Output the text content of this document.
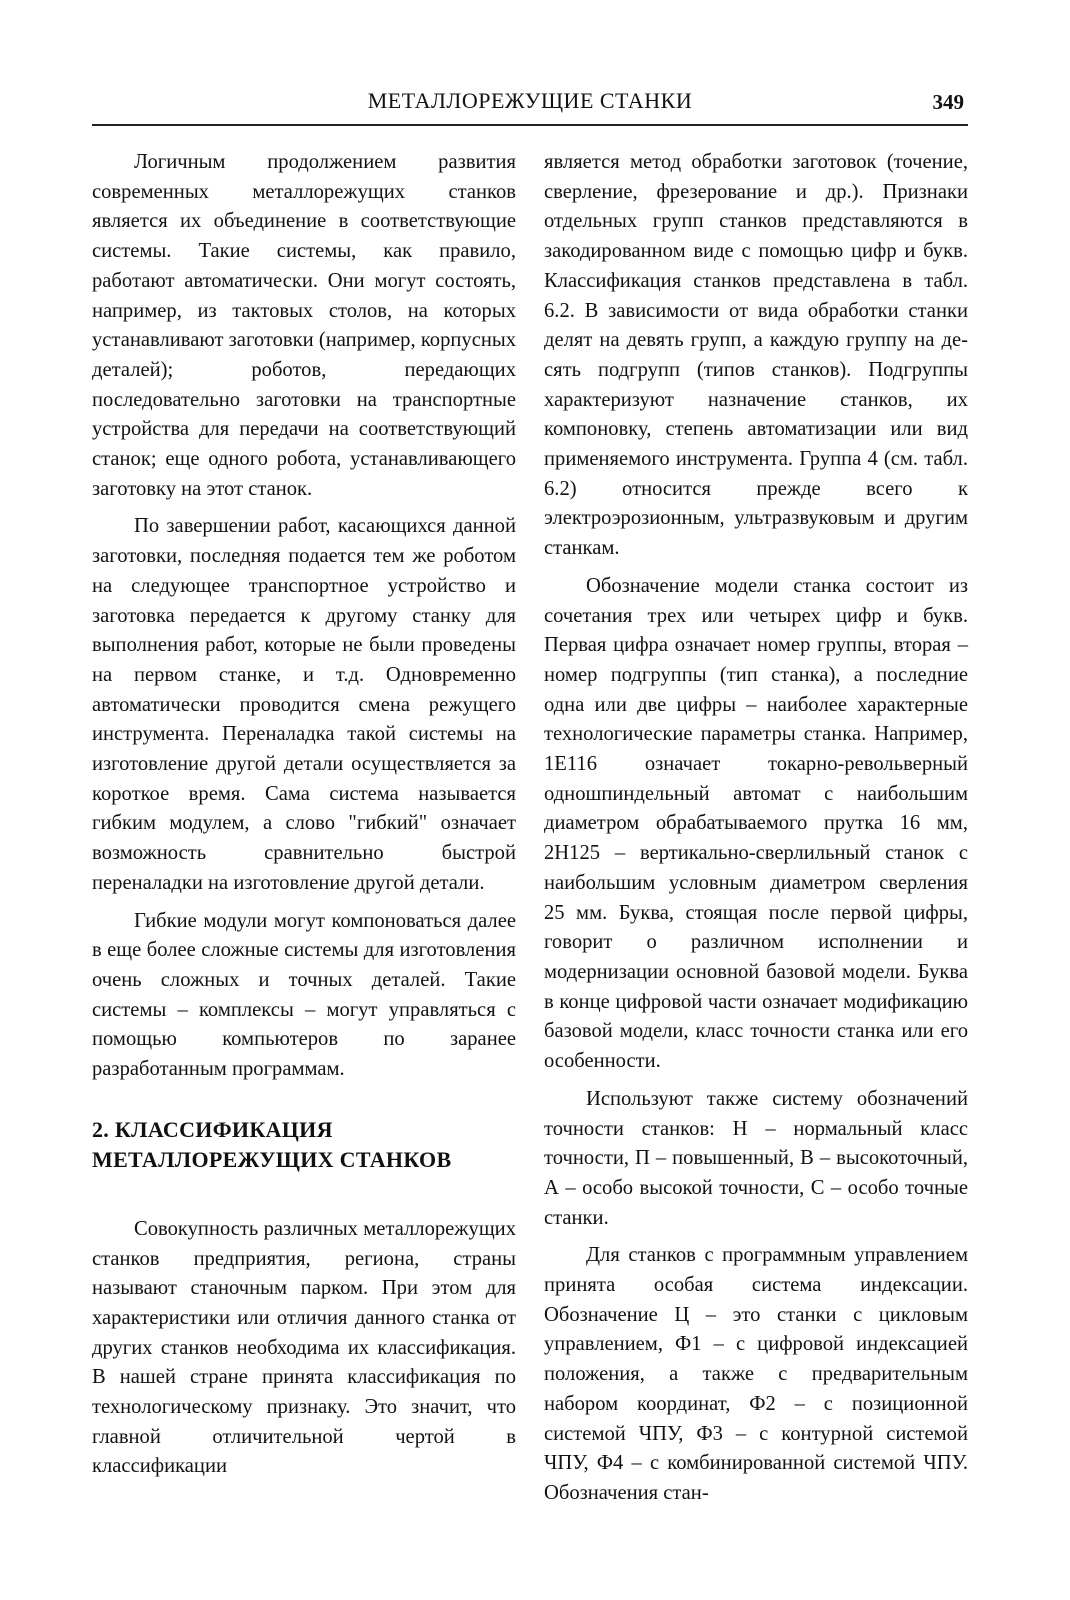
МЕТАЛЛОРЕЖУЩИЕ СТАНКИ	349

Логичным продолжением развития современных металлорежущих станков является их объединение в соответствующие системы. Такие системы, как правило, работают автоматически. Они могут состоять, например, из тактовых столов, на которых устанавливают заготовки (например, корпусных деталей); роботов, передающих последовательно заготовки на транспортные устройства для передачи на соответствующий станок; еще одного робота, устанавливающего заготовку на этот станок.

По завершении работ, касающихся данной заготовки, последняя подается тем же роботом на следующее транспортное устройство и заготовка передается к другому станку для выполнения работ, которые не были проведены на первом станке, и т.д. Одновременно автоматически проводится смена режущего инструмента. Переналадка такой системы на изготовление другой детали осуществляется за короткое время. Сама система называется гибким модулем, а слово "гибкий" означает возможность сравнительно быстрой переналадки на изготовление другой детали.

Гибкие модули могут компоноваться далее в еще более сложные системы для изготовления очень сложных и точных деталей. Такие системы – комплексы – могут управляться с помощью компьютеров по заранее разработанным программам.

2. КЛАССИФИКАЦИЯ
МЕТАЛЛОРЕЖУЩИХ СТАНКОВ

Совокупность различных металлорежущих станков предприятия, региона, страны называют станочным парком. При этом для характеристики или отличия данного станка от других станков необходима их классификация. В нашей стране принята классификация по технологическому признаку. Это значит, что главной отличительной чертой в классификации

является метод обработки заготовок (точение, сверление, фрезерование и др.). Признаки отдельных групп станков представляются в закодированном виде с помощью цифр и букв. Классификация станков представлена в табл. 6.2. В зависимости от вида обработки станки делят на девять групп, а каждую группу на десять подгрупп (типов станков). Подгруппы характеризуют назначение станков, их компоновку, степень автоматизации или вид применяемого инструмента. Группа 4 (см. табл. 6.2) относится прежде всего к электроэрозионным, ультразвуковым и другим станкам.

Обозначение модели станка состоит из сочетания трех или четырех цифр и букв. Первая цифра означает номер группы, вторая – номер подгруппы (тип станка), а последние одна или две цифры – наиболее характерные технологические параметры станка. Например, 1Е116 означает токарно-револьверный одношпиндельный автомат с наибольшим диаметром обрабатываемого прутка 16 мм, 2Н125 – вертикально-сверлильный станок с наибольшим условным диаметром сверления 25 мм. Буква, стоящая после первой цифры, говорит о различном исполнении и модернизации основной базовой модели. Буква в конце цифровой части означает модификацию базовой модели, класс точности станка или его особенности.

Используют также систему обозначений точности станков: Н – нормальный класс точности, П – повышенный, В – высокоточный, А – особо высокой точности, С – особо точные станки.

Для станков с программным управлением принята особая система индексации. Обозначение Ц – это станки с цикловым управлением, Ф1 – с цифровой индексацией положения, а также с предварительным набором координат, Ф2 – с позиционной системой ЧПУ, Ф3 – с контурной системой ЧПУ, Ф4 – с комбинированной системой ЧПУ. Обозначения стан-
